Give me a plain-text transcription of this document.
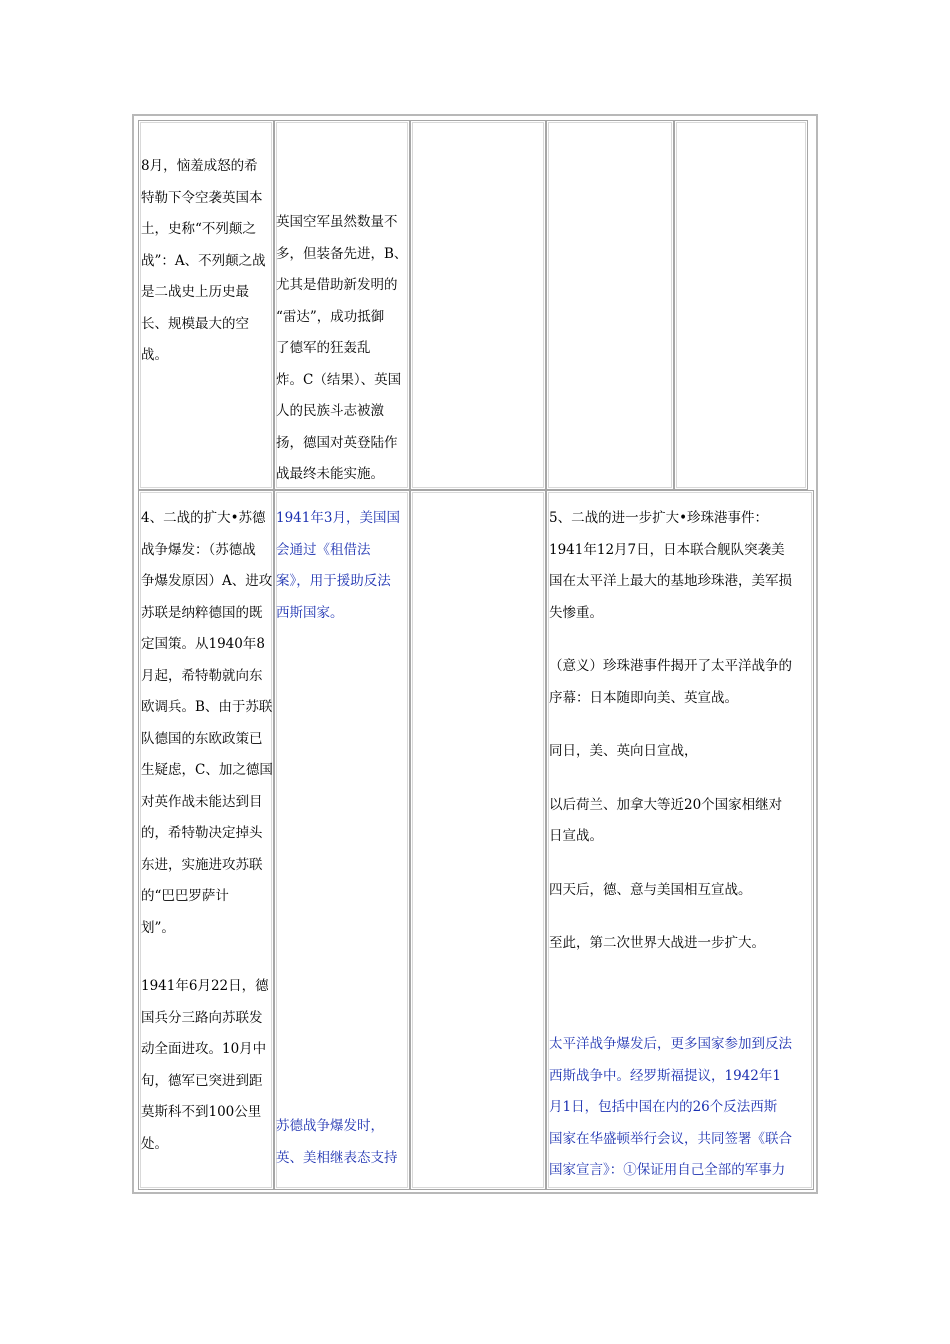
8月，恼羞成怒的希
特勒下令空袭英国本
土，史称“不列颠之
战”：A、不列颠之战
是二战史上历史最
长、规模最大的空
战。
英国空军虽然数量不
多，但装备先进，B、
尤其是借助新发明的
“雷达”，成功抵御
了德军的狂轰乱
炸。C（结果）、英国
人的民族斗志被激
扬，德国对英登陆作
战最终未能实施。
4、二战的扩大•苏德
战争爆发：（苏德战
争爆发原因）A、进攻
苏联是纳粹德国的既
定国策。从1940年8
月起，希特勒就向东
欧调兵。B、由于苏联
队德国的东欧政策已
生疑虑，C、加之德国
对英作战未能达到目
的，希特勒决定掉头
东进，实施进攻苏联
的“巴巴罗萨计
划”。
1941年6月22日，德
国兵分三路向苏联发
动全面进攻。10月中
旬，德军已突进到距
莫斯科不到100公里
处。
1941年3月，美国国
会通过《租借法
案》，用于援助反法
西斯国家。
苏德战争爆发时，
英、美相继表态支持

5、二战的进一步扩大•珍珠港事件：
1941年12月7日，日本联合舰队突袭美
国在太平洋上最大的基地珍珠港，美军损
失惨重。

（意义）珍珠港事件揭开了太平洋战争的
序幕：日本随即向美、英宣战。

同日，美、英向日宣战，

以后荷兰、加拿大等近20个国家相继对
日宣战。

四天后，德、意与美国相互宣战。

至此，第二次世界大战进一步扩大。

太平洋战争爆发后，更多国家参加到反法
西斯战争中。经罗斯福提议，1942年1
月1日，包括中国在内的26个反法西斯
国家在华盛顿举行会议，共同签署《联合
国家宣言》：①保证用自己全部的军事力
